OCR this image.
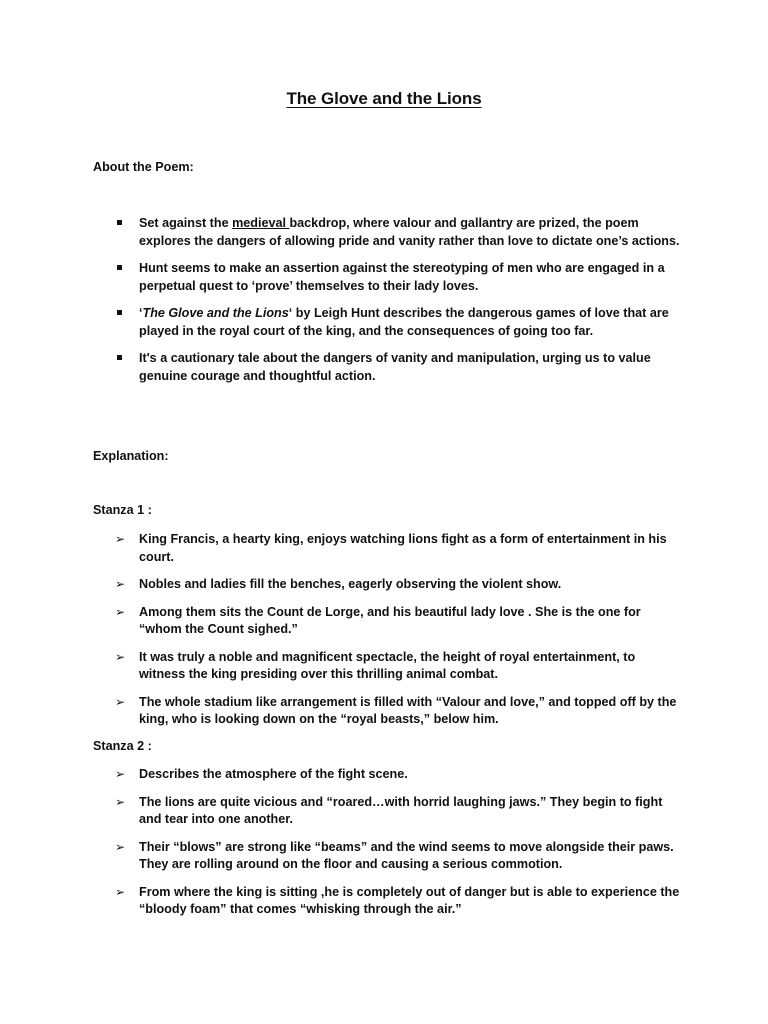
The Glove and the Lions
About the Poem:
Set against the medieval backdrop, where valour and gallantry are prized, the poem explores the dangers of allowing pride and vanity rather than love to dictate one’s actions.
Hunt seems to make an assertion against the stereotyping of men who are engaged in a perpetual quest to ‘prove’ themselves to their lady loves.
‘The Glove and the Lions‘ by Leigh Hunt describes the dangerous games of love that are played in the royal court of the king, and the consequences of going too far.
It's a cautionary tale about the dangers of vanity and manipulation, urging us to value genuine courage and thoughtful action.
Explanation:
Stanza 1 :
➢ King Francis, a hearty king, enjoys watching lions fight as a form of entertainment in his court.
➢ Nobles and ladies fill the benches, eagerly observing the violent show.
➢ Among them sits the Count de Lorge, and his beautiful lady love . She is the one for “whom the Count sighed.”
➢ It was truly a noble and magnificent spectacle, the height of royal entertainment, to witness the king presiding over this thrilling animal combat.
➢ The whole stadium like arrangement is filled with “Valour and love,” and topped off by the king, who is looking down on the “royal beasts,” below him.
Stanza 2 :
➢ Describes the atmosphere of the fight scene.
➢ The lions are quite vicious and “roared…with horrid laughing jaws.” They begin to fight and tear into one another.
➢ Their “blows” are strong like “beams” and the wind seems to move alongside their paws. They are rolling around on the floor and causing a serious commotion.
➢ From where the king is sitting ,he is completely out of danger but is able to experience the “bloody foam” that comes “whisking through the air.”
